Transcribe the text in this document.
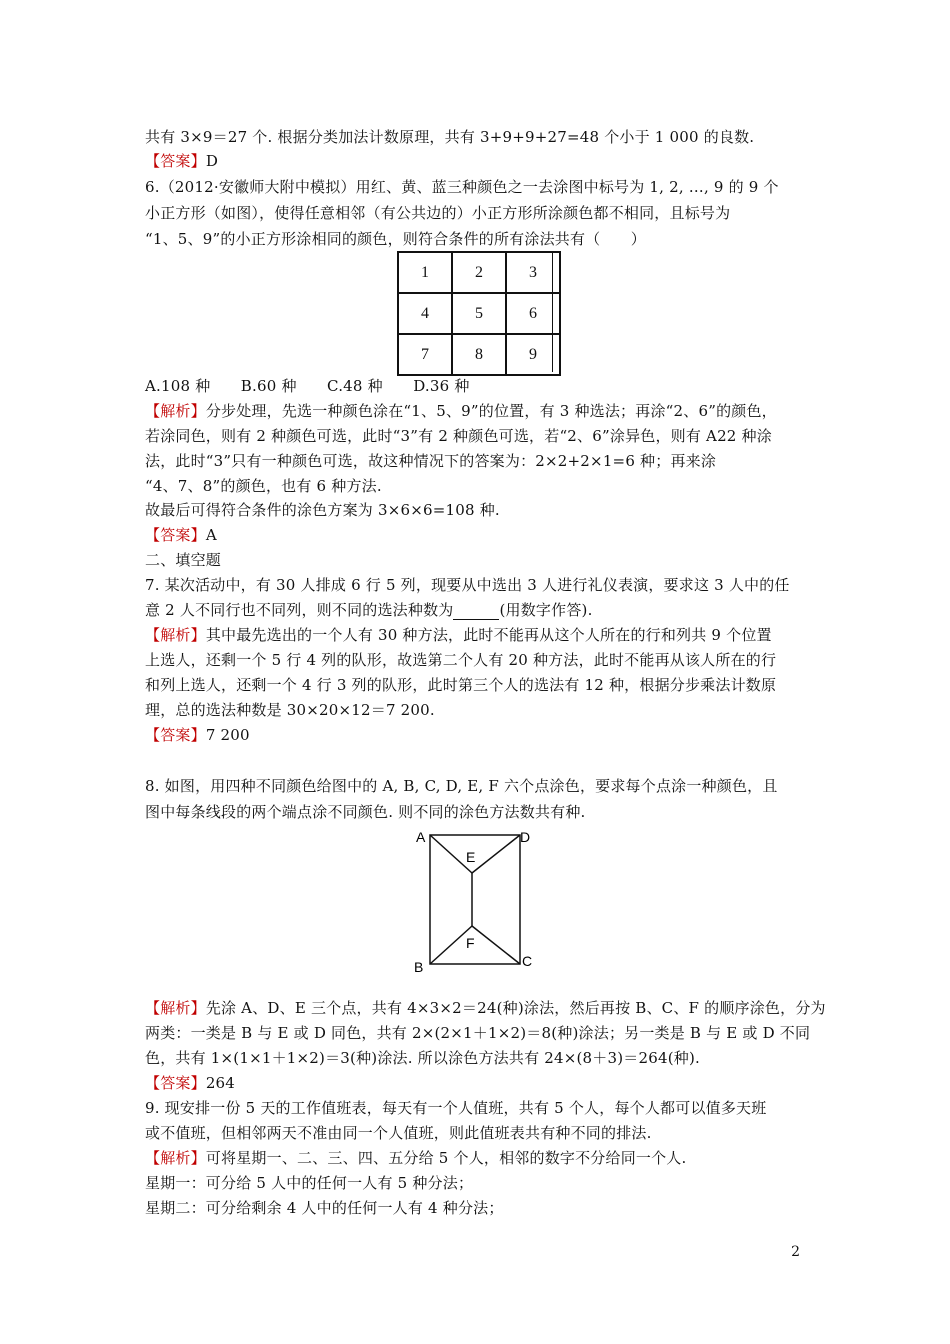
共有 3×9＝27 个. 根据分类加法计数原理，共有 3+9+9+27=48 个小于 1 000 的良数.
【答案】D
6.（2012·安徽师大附中模拟）用红、黄、蓝三种颜色之一去涂图中标号为 1, 2, …, 9 的 9 个
小正方形（如图），使得任意相邻（有公共边的）小正方形所涂颜色都不相同，且标号为
“1、5、9”的小正方形涂相同的颜色，则符合条件的所有涂法共有（　　）
1	2	3
4	5	6
7	8	9
A.108 种　　B.60 种　　C.48 种　　D.36 种
【解析】分步处理，先选一种颜色涂在“1、5、9”的位置，有 3 种选法；再涂“2、6”的颜色，
若涂同色，则有 2 种颜色可选，此时“3”有 2 种颜色可选，若“2、6”涂异色，则有 A22 种涂
法，此时“3”只有一种颜色可选，故这种情况下的答案为：2×2+2×1=6 种；再来涂
“4、7、8”的颜色，也有 6 种方法.
故最后可得符合条件的涂色方案为 3×6×6=108 种.
【答案】A
二、填空题
7. 某次活动中，有 30 人排成 6 行 5 列，现要从中选出 3 人进行礼仪表演，要求这 3 人中的任
意 2 人不同行也不同列，则不同的选法种数为	(用数字作答).
【解析】其中最先选出的一个人有 30 种方法，此时不能再从这个人所在的行和列共 9 个位置
上选人，还剩一个 5 行 4 列的队形，故选第二个人有 20 种方法，此时不能再从该人所在的行
和列上选人，还剩一个 4 行 3 列的队形，此时第三个人的选法有 12 种，根据分步乘法计数原
理，总的选法种数是 30×20×12＝7 200.
【答案】7 200
8. 如图，用四种不同颜色给图中的 A, B, C, D, E, F 六个点涂色，要求每个点涂一种颜色，且
图中每条线段的两个端点涂不同颜色. 则不同的涂色方法数共有种.
A	D
E
F
B	C
【解析】先涂 A、D、E 三个点，共有 4×3×2＝24(种)涂法，然后再按 B、C、F 的顺序涂色，分为
两类：一类是 B 与 E 或 D 同色，共有 2×(2×1＋1×2)＝8(种)涂法；另一类是 B 与 E 或 D 不同
色，共有 1×(1×1＋1×2)＝3(种)涂法. 所以涂色方法共有 24×(8＋3)＝264(种).
【答案】264
9. 现安排一份 5 天的工作值班表，每天有一个人值班，共有 5 个人，每个人都可以值多天班
或不值班，但相邻两天不准由同一个人值班，则此值班表共有种不同的排法.
【解析】可将星期一、二、三、四、五分给 5 个人，相邻的数字不分给同一个人.
星期一：可分给 5 人中的任何一人有 5 种分法；
星期二：可分给剩余 4 人中的任何一人有 4 种分法；
2
